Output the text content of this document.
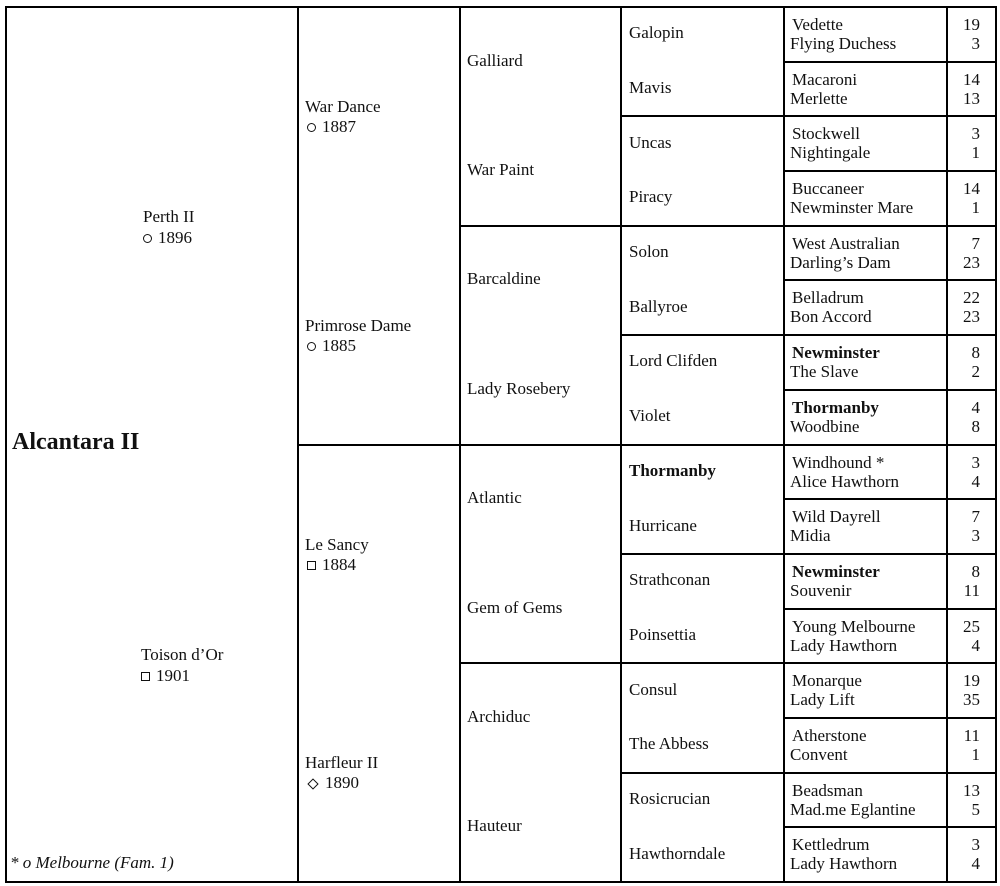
Alcantara II
* o Melbourne (Fam. 1)
Perth II
1896
Toison d’Or
1901
War Dance
1887
Primrose Dame
1885
Le Sancy
1884
Harfleur II
1890
Galliard
War Paint
Barcaldine
Lady Rosebery
Atlantic
Gem of Gems
Archiduc
Hauteur
Galopin
Mavis
Uncas
Piracy
Solon
Ballyroe
Lord Clifden
Violet
Thormanby
Hurricane
Strathconan
Poinsettia
Consul
The Abbess
Rosicrucian
Hawthorndale
Vedette
Flying Duchess
19
3
Macaroni
Merlette
14
13
Stockwell
Nightingale
3
1
Buccaneer
Newminster Mare
14
1
West Australian
Darling’s Dam
7
23
Belladrum
Bon Accord
22
23
Newminster
The Slave
8
2
Thormanby
Woodbine
4
8
Windhound *
Alice Hawthorn
3
4
Wild Dayrell
Midia
7
3
Newminster
Souvenir
8
11
Young Melbourne
Lady Hawthorn
25
4
Monarque
Lady Lift
19
35
Atherstone
Convent
11
1
Beadsman
Mad.me Eglantine
13
5
Kettledrum
Lady Hawthorn
3
4
